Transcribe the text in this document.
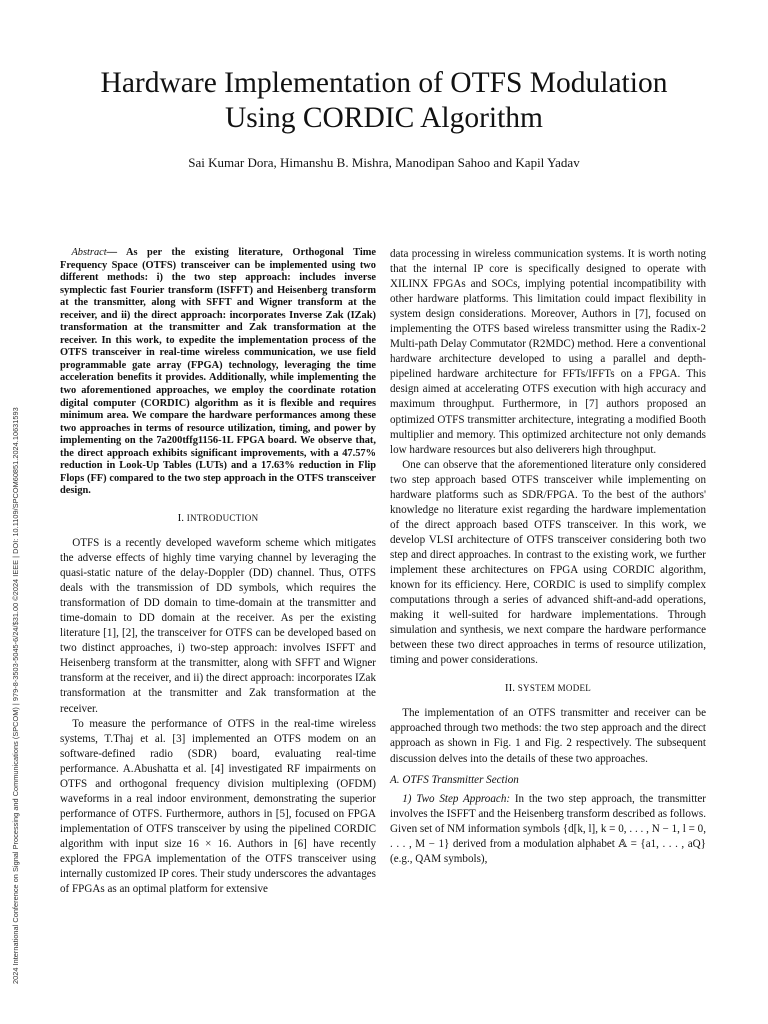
2024 International Conference on Signal Processing and Communications (SPCOM) | 979-8-3503-5045-6/24/$31.00 ©2024 IEEE | DOI: 10.1109/SPCOM60851.2024.10631593
Hardware Implementation of OTFS Modulation
Using CORDIC Algorithm
Sai Kumar Dora, Himanshu B. Mishra, Manodipan Sahoo and Kapil Yadav

Abstract— As per the existing literature, Orthogonal Time Frequency Space (OTFS) transceiver can be implemented using two different methods: i) the two step approach: includes inverse symplectic fast Fourier transform (ISFFT) and Heisenberg transform at the transmitter, along with SFFT and Wigner transform at the receiver, and ii) the direct approach: incorporates Inverse Zak (IZak) transformation at the transmitter and Zak transformation at the receiver. In this work, to expedite the implementation process of the OTFS transceiver in real-time wireless communication, we use field programmable gate array (FPGA) technology, leveraging the time acceleration benefits it provides. Additionally, while implementing the two aforementioned approaches, we employ the coordinate rotation digital computer (CORDIC) algorithm as it is flexible and requires minimum area. We compare the hardware performances among these two approaches in terms of resource utilization, timing, and power by implementing on the 7a200tffg1156-1L FPGA board. We observe that, the direct approach exhibits significant improvements, with a 47.57% reduction in Look-Up Tables (LUTs) and a 17.63% reduction in Flip Flops (FF) compared to the two step approach in the OTFS transceiver design.

I. INTRODUCTION

OTFS is a recently developed waveform scheme which mitigates the adverse effects of highly time varying channel by leveraging the quasi-static nature of the delay-Doppler (DD) channel. Thus, OTFS deals with the transmission of DD symbols, which requires the transformation of DD domain to time-domain at the transmitter and time-domain to DD domain at the receiver. As per the existing literature [1], [2], the transceiver for OTFS can be developed based on two distinct approaches, i) two-step approach: involves ISFFT and Heisenberg transform at the transmitter, along with SFFT and Wigner transform at the receiver, and ii) the direct approach: incorporates IZak transformation at the transmitter and Zak transformation at the receiver.

To measure the performance of OTFS in the real-time wireless systems, T.Thaj et al. [3] implemented an OTFS modem on an software-defined radio (SDR) board, evaluating real-time performance. A.Abushatta et al. [4] investigated RF impairments on OTFS and orthogonal frequency division multiplexing (OFDM) waveforms in a real indoor environment, demonstrating the superior performance of OTFS. Furthermore, authors in [5], focused on FPGA implementation of OTFS transceiver by using the pipelined CORDIC algorithm with input size 16 × 16. Authors in [6] have recently explored the FPGA implementation of the OTFS transceiver using internally customized IP cores. Their study underscores the advantages of FPGAs as an optimal platform for extensive

data processing in wireless communication systems. It is worth noting that the internal IP core is specifically designed to operate with XILINX FPGAs and SOCs, implying potential incompatibility with other hardware platforms. This limitation could impact flexibility in system design considerations. Moreover, Authors in [7], focused on implementing the OTFS based wireless transmitter using the Radix-2 Multi-path Delay Commutator (R2MDC) method. Here a conventional hardware architecture developed to using a parallel and depth-pipelined hardware architecture for FFTs/IFFTs on a FPGA. This design aimed at accelerating OTFS execution with high accuracy and maximum throughput. Furthermore, in [7] authors proposed an optimized OTFS transmitter architecture, integrating a modified Booth multiplier and memory. This optimized architecture not only demands low hardware resources but also deliverers high throughput.

One can observe that the aforementioned literature only considered two step approach based OTFS transceiver while implementing on hardware platforms such as SDR/FPGA. To the best of the authors' knowledge no literature exist regarding the hardware implementation of the direct approach based OTFS transceiver. In this work, we develop VLSI architecture of OTFS transceiver considering both two step and direct approaches. In contrast to the existing work, we further implement these architectures on FPGA using CORDIC algorithm, known for its efficiency. Here, CORDIC is used to simplify complex computations through a series of advanced shift-and-add operations, making it well-suited for hardware implementations. Through simulation and synthesis, we next compare the hardware performance between these two direct approaches in terms of resource utilization, timing and power considerations.

II. SYSTEM MODEL

The implementation of an OTFS transmitter and receiver can be approached through two methods: the two step approach and the direct approach as shown in Fig. 1 and Fig. 2 respectively. The subsequent discussion delves into the details of these two approaches.

A. OTFS Transmitter Section

1) Two Step Approach: In the two step approach, the transmitter involves the ISFFT and the Heisenberg transform described as follows. Given set of NM information symbols {d[k, l], k = 0, . . . , N − 1, l = 0, . . . , M − 1} derived from a modulation alphabet 𝔸 = {a1, . . . , aQ} (e.g., QAM symbols),
